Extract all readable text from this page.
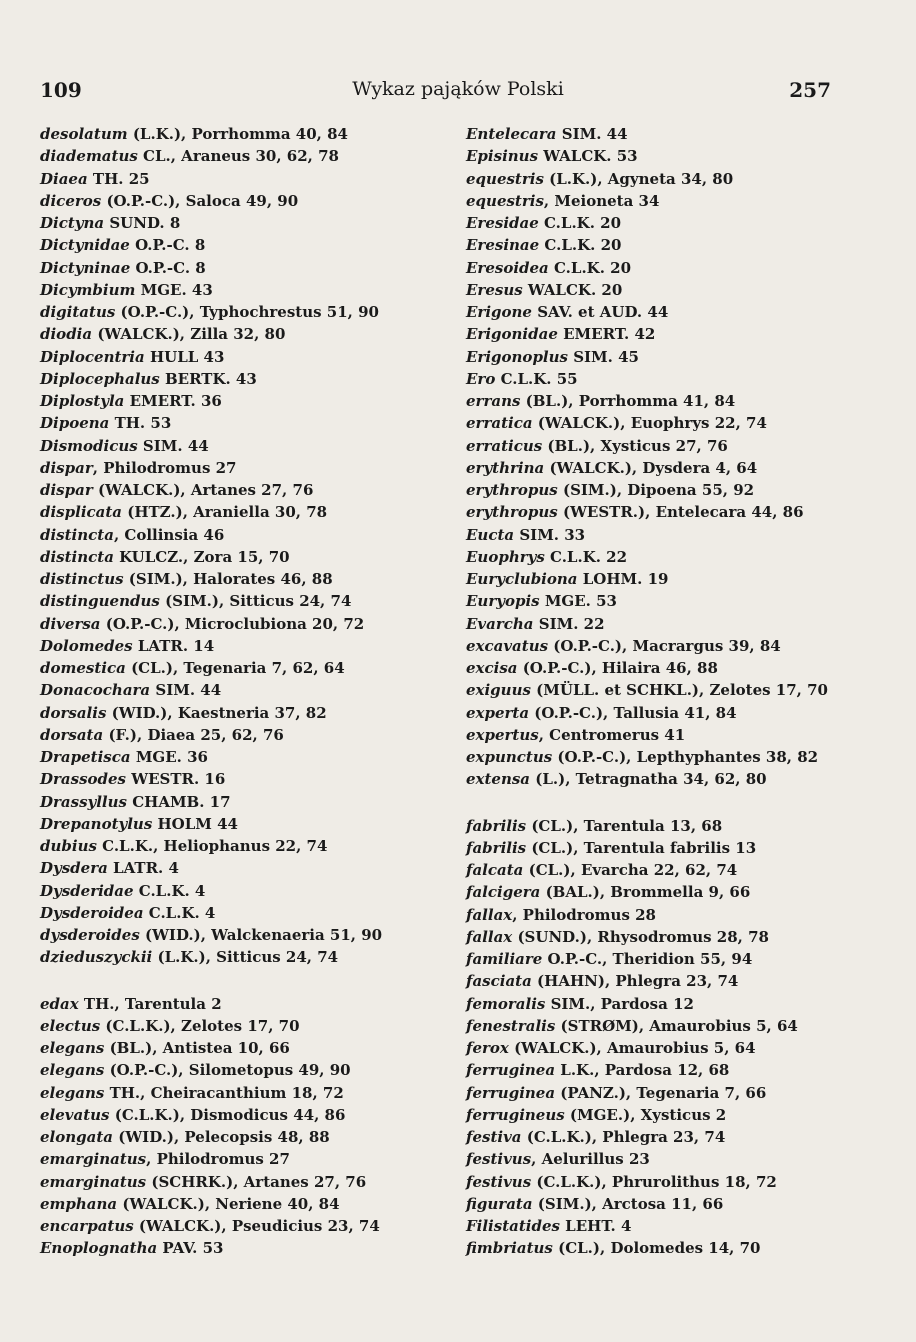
109	Wykaz pająków Polski	257
desolatum (L.K.), Porrhomma 40, 84
diadematus CL., Araneus 30, 62, 78
Diaea TH. 25
diceros (O.P.-C.), Saloca 49, 90
Dictyna SUND. 8
Dictynidae O.P.-C. 8
Dictyninae O.P.-C. 8
Dicymbium MGE. 43
digitatus (O.P.-C.), Typhochrestus 51, 90
diodia (WALCK.), Zilla 32, 80
Diplocentria HULL 43
Diplocephalus BERTK. 43
Diplostyla EMERT. 36
Dipoena TH. 53
Dismodicus SIM. 44
dispar, Philodromus 27
dispar (WALCK.), Artanes 27, 76
displicata (HTZ.), Araniella 30, 78
distincta, Collinsia 46
distincta KULCZ., Zora 15, 70
distinctus (SIM.), Halorates 46, 88
distinguendus (SIM.), Sitticus 24, 74
diversa (O.P.-C.), Microclubiona 20, 72
Dolomedes LATR. 14
domestica (CL.), Tegenaria 7, 62, 64
Donacochara SIM. 44
dorsalis (WID.), Kaestneria 37, 82
dorsata (F.), Diaea 25, 62, 76
Drapetisca MGE. 36
Drassodes WESTR. 16
Drassyllus CHAMB. 17
Drepanotylus HOLM 44
dubius C.L.K., Heliophanus 22, 74
Dysdera LATR. 4
Dysderidae C.L.K. 4
Dysderoidea C.L.K. 4
dysderoides (WID.), Walckenaeria 51, 90
dzieduszyckii (L.K.), Sitticus 24, 74
edax TH., Tarentula 2
electus (C.L.K.), Zelotes 17, 70
elegans (BL.), Antistea 10, 66
elegans (O.P.-C.), Silometopus 49, 90
elegans TH., Cheiracanthium 18, 72
elevatus (C.L.K.), Dismodicus 44, 86
elongata (WID.), Pelecopsis 48, 88
emarginatus, Philodromus 27
emarginatus (SCHRK.), Artanes 27, 76
emphana (WALCK.), Neriene 40, 84
encarpatus (WALCK.), Pseudicius 23, 74
Enoplognatha PAV. 53
Entelecara SIM. 44
Episinus WALCK. 53
equestris (L.K.), Agyneta 34, 80
equestris, Meioneta 34
Eresidae C.L.K. 20
Eresinae C.L.K. 20
Eresoidea C.L.K. 20
Eresus WALCK. 20
Erigone SAV. et AUD. 44
Erigonidae EMERT. 42
Erigonoplus SIM. 45
Ero C.L.K. 55
errans (BL.), Porrhomma 41, 84
erratica (WALCK.), Euophrys 22, 74
erraticus (BL.), Xysticus 27, 76
erythrina (WALCK.), Dysdera 4, 64
erythropus (SIM.), Dipoena 55, 92
erythropus (WESTR.), Entelecara 44, 86
Eucta SIM. 33
Euophrys C.L.K. 22
Euryclubiona LOHM. 19
Euryopis MGE. 53
Evarcha SIM. 22
excavatus (O.P.-C.), Macrargus 39, 84
excisa (O.P.-C.), Hilaira 46, 88
exiguus (MÜLL. et SCHKL.), Zelotes 17, 70
experta (O.P.-C.), Tallusia 41, 84
expertus, Centromerus 41
expunctus (O.P.-C.), Lepthyphantes 38, 82
extensa (L.), Tetragnatha 34, 62, 80
fabrilis (CL.), Tarentula 13, 68
fabrilis (CL.), Tarentula fabrilis 13
falcata (CL.), Evarcha 22, 62, 74
falcigera (BAL.), Brommella 9, 66
fallax, Philodromus 28
fallax (SUND.), Rhysodromus 28, 78
familiare O.P.-C., Theridion 55, 94
fasciata (HAHN), Phlegra 23, 74
femoralis SIM., Pardosa 12
fenestralis (STRØM), Amaurobius 5, 64
ferox (WALCK.), Amaurobius 5, 64
ferruginea L.K., Pardosa 12, 68
ferruginea (PANZ.), Tegenaria 7, 66
ferrugineus (MGE.), Xysticus 2
festiva (C.L.K.), Phlegra 23, 74
festivus, Aelurillus 23
festivus (C.L.K.), Phrurolithus 18, 72
figurata (SIM.), Arctosa 11, 66
Filistatides LEHT. 4
fimbriatus (CL.), Dolomedes 14, 70
